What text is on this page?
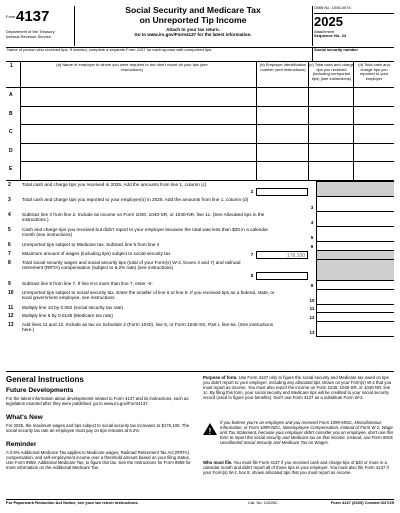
Form 4137
Department of the Treasury
Internal Revenue Service
Social Security and Medicare Tax
on Unreported Tip Income
Attach to your tax return.
Go to www.irs.gov/Form4137 for the latest information.
OMB No. 1545-0074
2025
Attachment
Sequence No. 24
Name of person who received tips. If married, complete a separate Form 4137 for each spouse with unreported tips.	Social security number
1	(a) Name of employer to whom you were required to but didn't report all your tips (see instructions)
(b) Employer identification number (see instructions)
(c) Total cash and charge tips you received (including unreported tips) (see instructions)
(d) Total cash and charge tips you reported to your employer
A
B
C
D
E
2	Total cash and charge tips you received in 2025. Add the amounts from line 1, column (c)
2
3	Total cash and charge tips you reported to your employer(s) in 2025. Add the amounts from line 1, column (d)
3
4	Subtract line 3 from line 2. Include as income on Form 1040, 1040-SR, or 1040-NR, line 1c. (See Allocated tips in the instructions.)
4
5	Cash and charge tips you received but didn't report to your employer because the total was less than $20 in a calendar month (see instructions)
5
6	Unreported tips subject to Medicare tax. Subtract line 5 from line 4	6
7	Maximum amount of wages (including tips) subject to social security tax	176,100
7
8	Total social security wages and social security tips (total of your Form(s) W-2, boxes 3 and 7) and railroad retirement (RRTA) compensation (subject to 6.2% rate) (see instructions)
8
9	Subtract line 8 from line 7. If line 8 is more than line 7, enter -0-	9
10	Unreported tips subject to social security tax. Enter the smaller of line 6 or line 9. If you received tips as a federal, state, or local government employee, see instructions
10
11	Multiply line 10 by 0.062 (social security tax rate)	11
12	Multiply line 6 by 0.0145 (Medicare tax rate)	12
13	Add lines 11 and 12. Include as tax on Schedule 2 (Form 1040), line 5, or Form 1040-SS, Part I, line 6a. (See instructions here.)
13
General Instructions
Future Developments
For the latest information about developments related to Form 4137 and its instructions, such as legislation enacted after they were published, go to www.irs.gov/Form4137.
What's New
For 2025, the maximum wages and tips subject to social security tax increases to $176,100. The social security tax rate an employee must pay on tips remains at 6.2%.
Reminder
A 0.9% Additional Medicare Tax applies to Medicare wages, Railroad Retirement Tax Act (RRTA) compensation, and self-employment income over a threshold amount based on your filing status. Use Form 8959, Additional Medicare Tax, to figure this tax. See the Instructions for Form 8959 for more information on the Additional Medicare Tax.
Purpose of form. Use Form 4137 only to figure the social security and Medicare tax owed on tips you didn't report to your employer, including any allocated tips shown on your Form(s) W-2 that you must report as income. You must also report the income on Form 1040, 1040-SR, or 1040-NR, line 1c. By filing this form, your social security and Medicare tips will be credited to your social security record (used to figure your benefits). Don't use Form 4137 as a substitute Form W-2.
!
If you believe you're an employee and you received Form 1099-MISC, Miscellaneous Information, or Form 1099-NEC, Nonemployee Compensation, instead of Form W-2, Wage and Tax Statement, because your employer didn't consider you an employee, don't use this form to report the social security and Medicare tax on that income. Instead, use Form 8919, Uncollected Social Security and Medicare Tax on Wages.
Who must file. You must file Form 4137 if you received cash and charge tips of $20 or more in a calendar month and didn't report all of those tips to your employer. You must also file Form 4137 if your Form(s) W-2, box 8, shows allocated tips that you must report as income.
For Paperwork Reduction Act Notice, see your tax return instructions.	Cat. No. 12626C	Form 4137 (2025) Created 3/27/25
